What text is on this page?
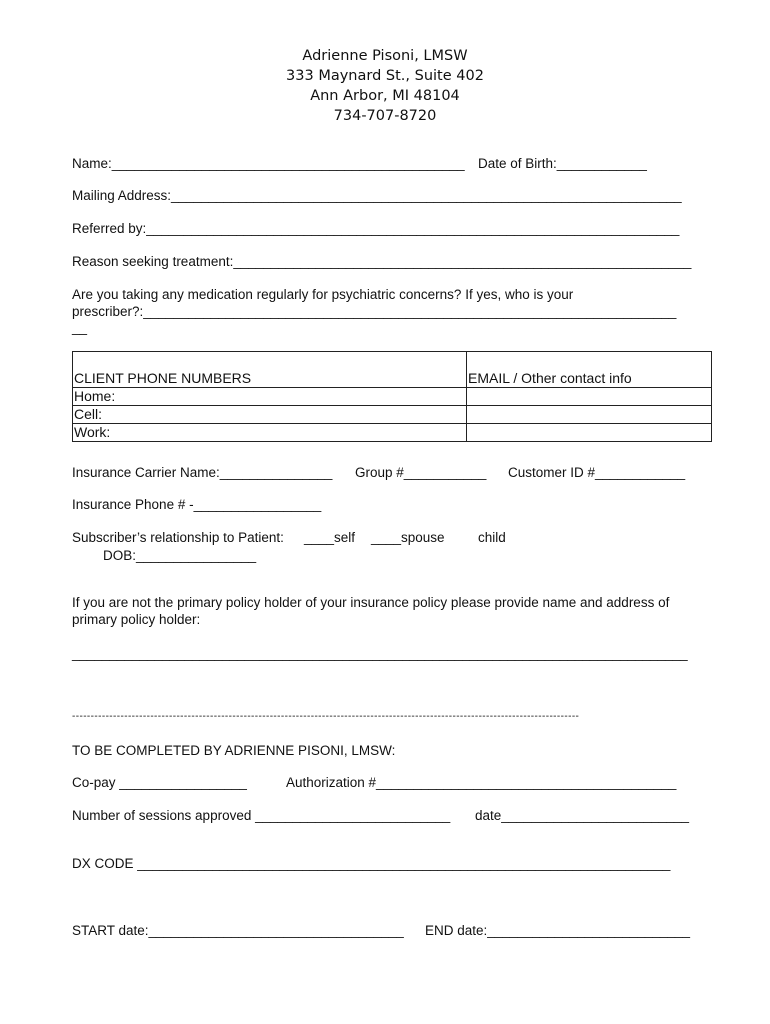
Adrienne Pisoni, LMSW
333 Maynard St., Suite 402
Ann Arbor, MI 48104
734-707-8720
Name:_______________________________________________ Date of Birth:____________
Mailing Address:____________________________________________________________________
Referred by:_______________________________________________________________________
Reason seeking treatment:_____________________________________________________________
Are you taking any medication regularly for psychiatric concerns? If yes, who is your
prescriber?:_______________________________________________________________________
__
CLIENT PHONE NUMBERS	EMAIL / Other contact info
Home:	
Cell:	
Work:	
Insurance Carrier Name:_______________ Group #___________ Customer ID #____________
Insurance Phone # -_________________
Subscriber’s relationship to Patient: ____self ____spouse child
DOB:________________
If you are not the primary policy holder of your insurance policy please provide name and address of
primary policy holder:
__________________________________________________________________________________
----------------------------------------------------------------------------------------------------------------------------------------
TO BE COMPLETED BY ADRIENNE PISONI, LMSW:
Co-pay _________________	Authorization #________________________________________
Number of sessions approved __________________________ date_________________________
DX CODE _______________________________________________________________________
START date:__________________________________ END date:___________________________
